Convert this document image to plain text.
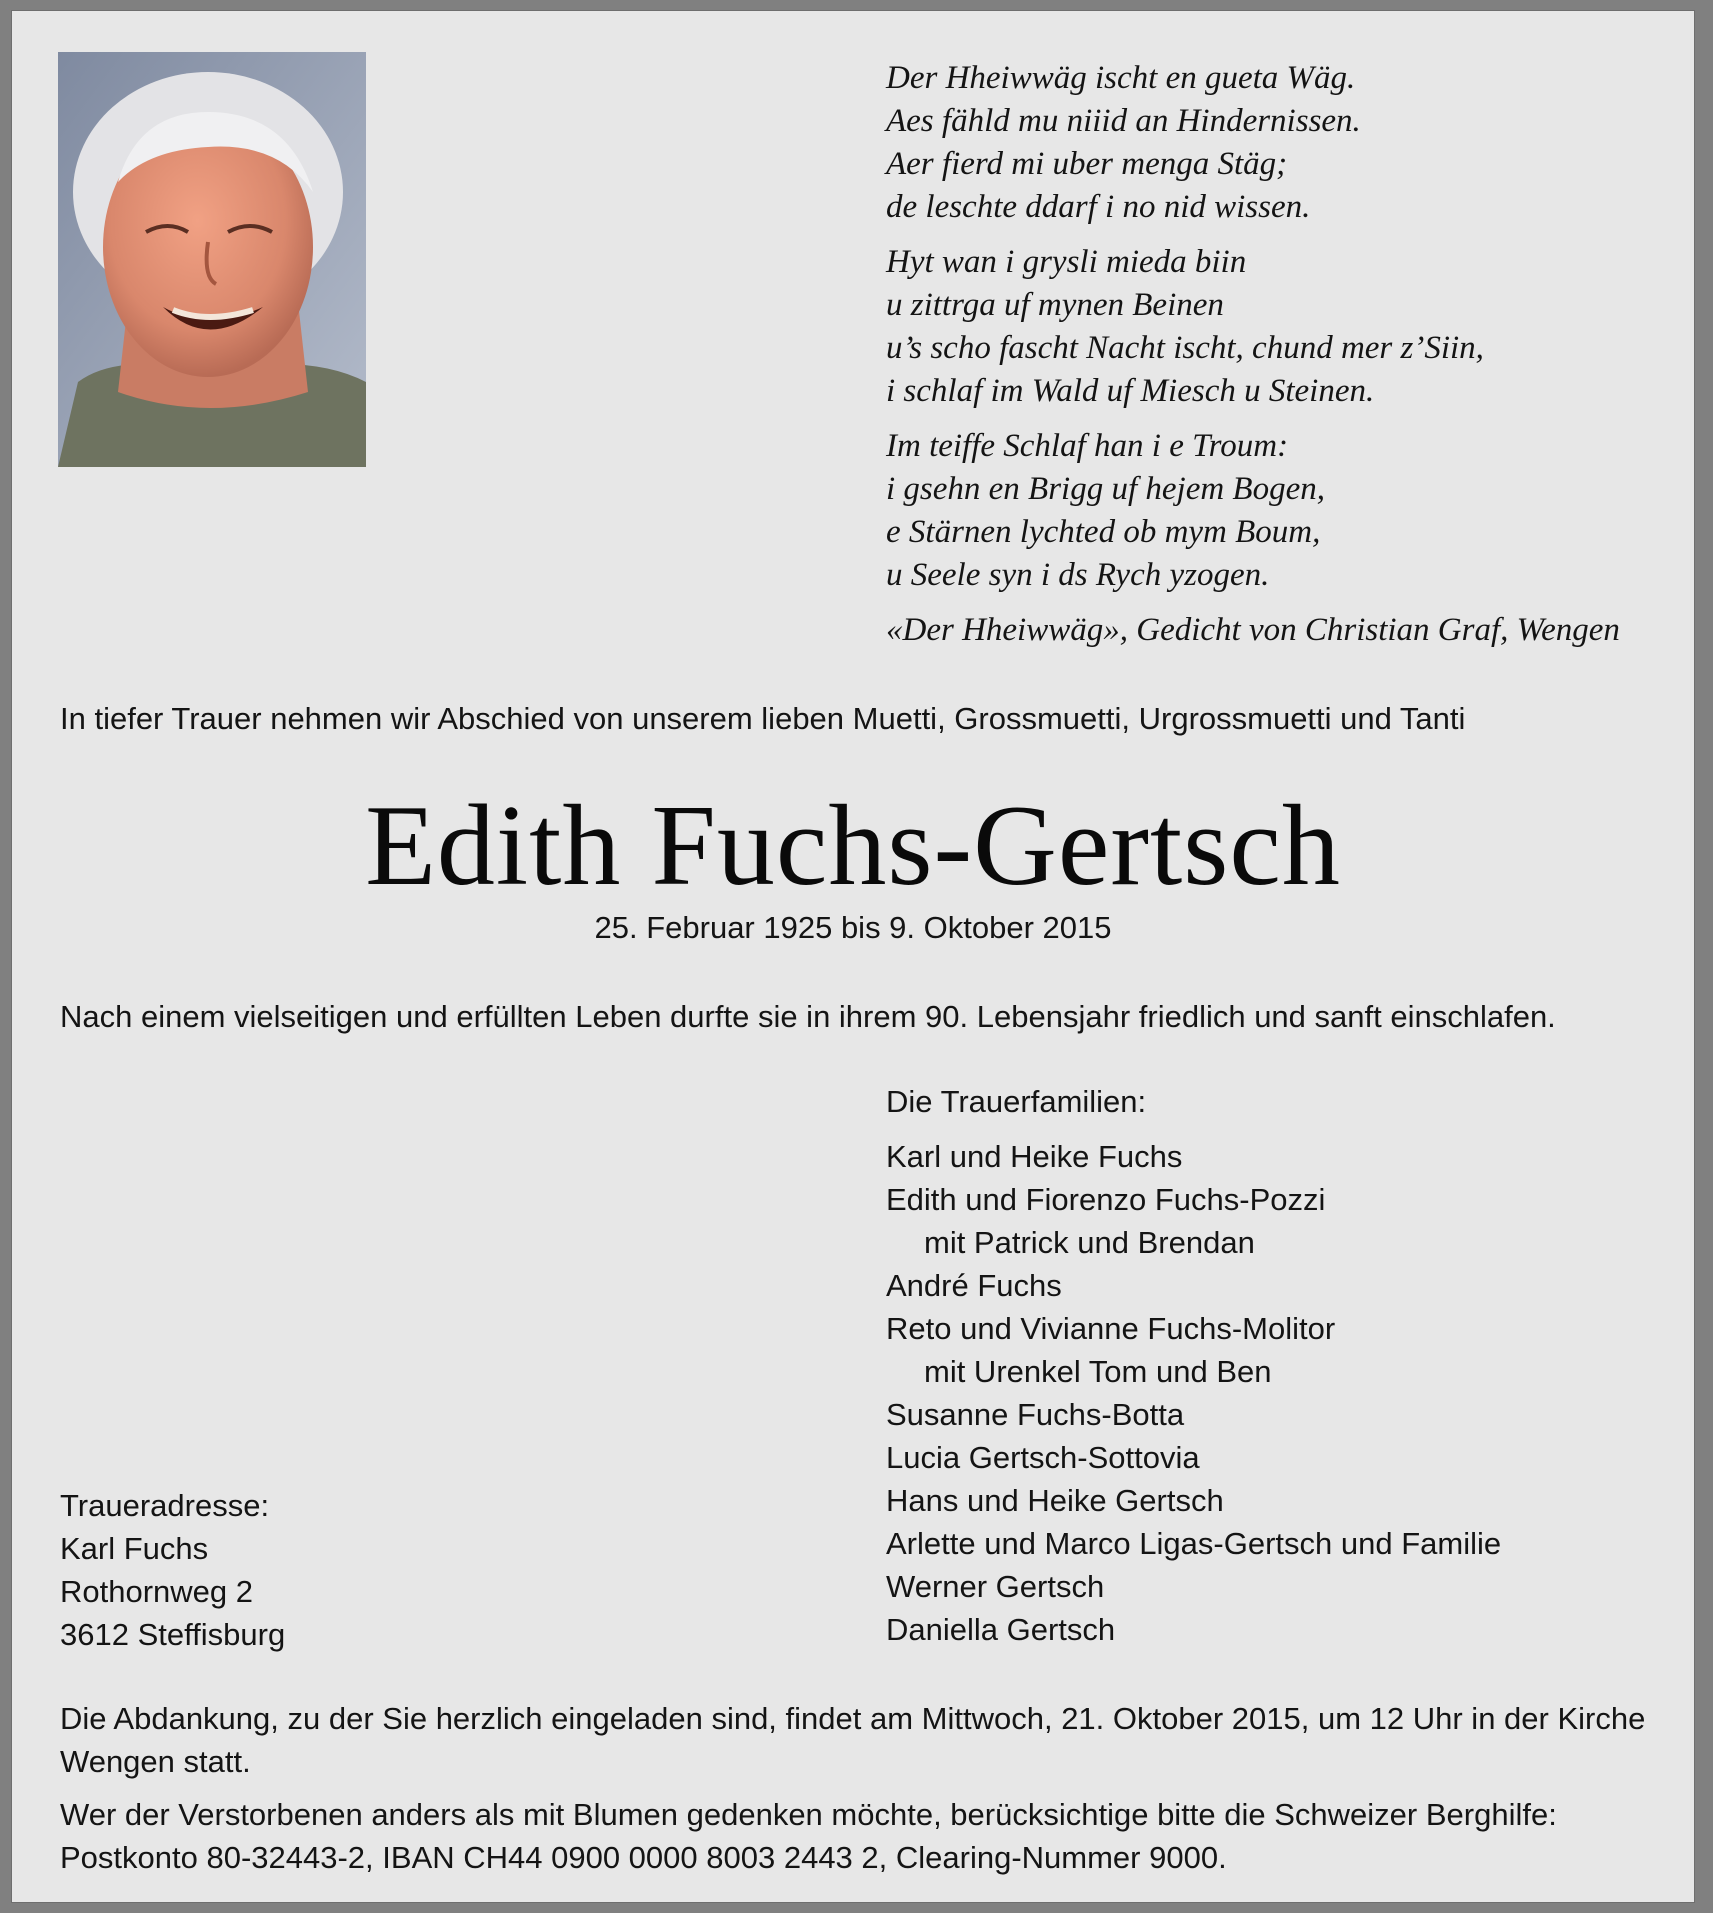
Der Hheiwwäg ischt en gueta Wäg.
Aes fähld mu niiid an Hindernissen.
Aer fierd mi uber menga Stäg;
de leschte ddarf i no nid wissen.
Hyt wan i grysli mieda biin
u zittrga uf mynen Beinen
u’s scho fascht Nacht ischt, chund mer z’Siin,
i schlaf im Wald uf Miesch u Steinen.
Im teiffe Schlaf han i e Troum:
i gsehn en Brigg uf hejem Bogen,
e Stärnen lychted ob mym Boum,
u Seele syn i ds Rych yzogen.
«Der Hheiwwäg», Gedicht von Christian Graf, Wengen
In tiefer Trauer nehmen wir Abschied von unserem lieben Muetti, Grossmuetti, Urgrossmuetti und Tanti
Edith Fuchs-Gertsch
25. Februar 1925 bis 9. Oktober 2015
Nach einem vielseitigen und erfüllten Leben durfte sie in ihrem 90. Lebensjahr friedlich und sanft einschlafen.
Die Trauerfamilien:
Karl und Heike Fuchs
Edith und Fiorenzo Fuchs-Pozzi
mit Patrick und Brendan
André Fuchs
Reto und Vivianne Fuchs-Molitor
mit Urenkel Tom und Ben
Susanne Fuchs-Botta
Lucia Gertsch-Sottovia
Hans und Heike Gertsch
Arlette und Marco Ligas-Gertsch und Familie
Werner Gertsch
Daniella Gertsch
Traueradresse:
Karl Fuchs
Rothornweg 2
3612 Steffisburg

Die Abdankung, zu der Sie herzlich eingeladen sind, findet am Mittwoch, 21. Oktober 2015, um 12 Uhr in der Kirche Wengen statt.

Wer der Verstorbenen anders als mit Blumen gedenken möchte, berücksichtige bitte die Schweizer Berghilfe: Postkonto 80-32443-2, IBAN CH44 0900 0000 8003 2443 2, Clearing-Nummer 9000.
